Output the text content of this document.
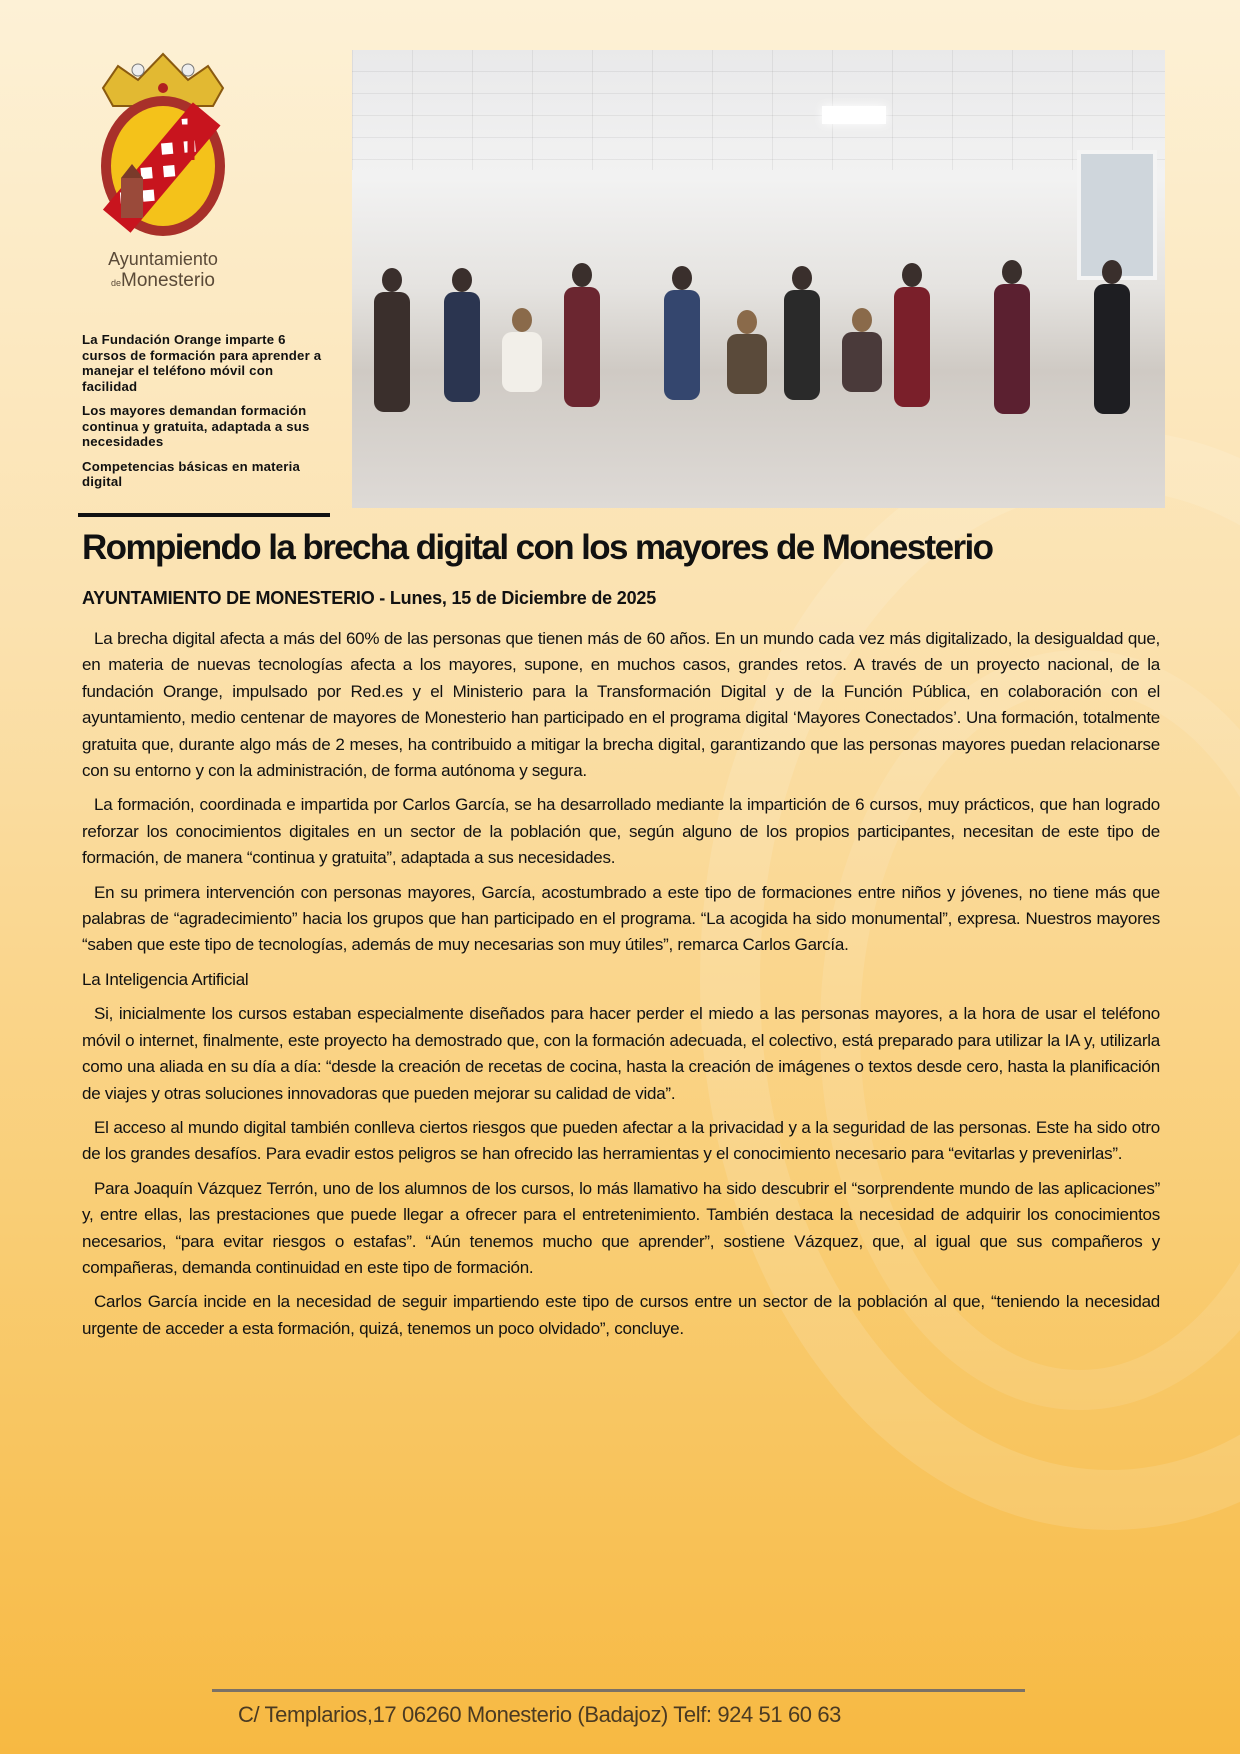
Ayuntamiento
deMonesterio

La Fundación Orange imparte 6 cursos de formación para aprender a manejar el teléfono móvil con facilidad

Los mayores demandan formación continua y gratuita, adaptada a sus necesidades

Competencias básicas en materia digital

Rompiendo la brecha digital con los mayores de Monesterio
AYUNTAMIENTO DE MONESTERIO - Lunes, 15 de Diciembre de 2025

La brecha digital afecta a más del 60% de las personas que tienen más de 60 años. En un mundo cada vez más digitalizado, la desigualdad que, en materia de nuevas tecnologías afecta a los mayores, supone, en muchos casos, grandes retos. A través de un proyecto nacional, de la fundación Orange, impulsado por Red.es y el Ministerio para la Transformación Digital y de la Función Pública, en colaboración con el ayuntamiento, medio centenar de mayores de Monesterio han participado en el programa digital ‘Mayores Conectados’. Una formación, totalmente gratuita que, durante algo más de 2 meses, ha contribuido a mitigar la brecha digital, garantizando que las personas mayores puedan relacionarse con su entorno y con la administración, de forma autónoma y segura.

La formación, coordinada e impartida por Carlos García, se ha desarrollado mediante la impartición de 6 cursos, muy prácticos, que han logrado reforzar los conocimientos digitales en un sector de la población que, según alguno de los propios participantes, necesitan de este tipo de formación, de manera “continua y gratuita”, adaptada a sus necesidades.

En su primera intervención con personas mayores, García, acostumbrado a este tipo de formaciones entre niños y jóvenes, no tiene más que palabras de “agradecimiento” hacia los grupos que han participado en el programa. “La acogida ha sido monumental”, expresa. Nuestros mayores “saben que este tipo de tecnologías, además de muy necesarias son muy útiles”, remarca Carlos García.

La Inteligencia Artificial

Si, inicialmente los cursos estaban especialmente diseñados para hacer perder el miedo a las personas mayores, a la hora de usar el teléfono móvil o internet, finalmente, este proyecto ha demostrado que, con la formación adecuada, el colectivo, está preparado para utilizar la IA y, utilizarla como una aliada en su día a día: “desde la creación de recetas de cocina, hasta la creación de imágenes o textos desde cero, hasta la planificación de viajes y otras soluciones innovadoras que pueden mejorar su calidad de vida”.

El acceso al mundo digital también conlleva ciertos riesgos que pueden afectar a la privacidad y a la seguridad de las personas. Este ha sido otro de los grandes desafíos. Para evadir estos peligros se han ofrecido las herramientas y el conocimiento necesario para “evitarlas y prevenirlas”.

Para Joaquín Vázquez Terrón, uno de los alumnos de los cursos, lo más llamativo ha sido descubrir el “sorprendente mundo de las aplicaciones” y, entre ellas, las prestaciones que puede llegar a ofrecer para el entretenimiento. También destaca la necesidad de adquirir los conocimientos necesarios, “para evitar riesgos o estafas”. “Aún tenemos mucho que aprender”, sostiene Vázquez, que, al igual que sus compañeros y compañeras, demanda continuidad en este tipo de formación.

Carlos García incide en la necesidad de seguir impartiendo este tipo de cursos entre un sector de la población al que, “teniendo la necesidad urgente de acceder a esta formación, quizá, tenemos un poco olvidado”, concluye.

C/ Templarios,17 06260 Monesterio (Badajoz) Telf: 924 51 60 63
